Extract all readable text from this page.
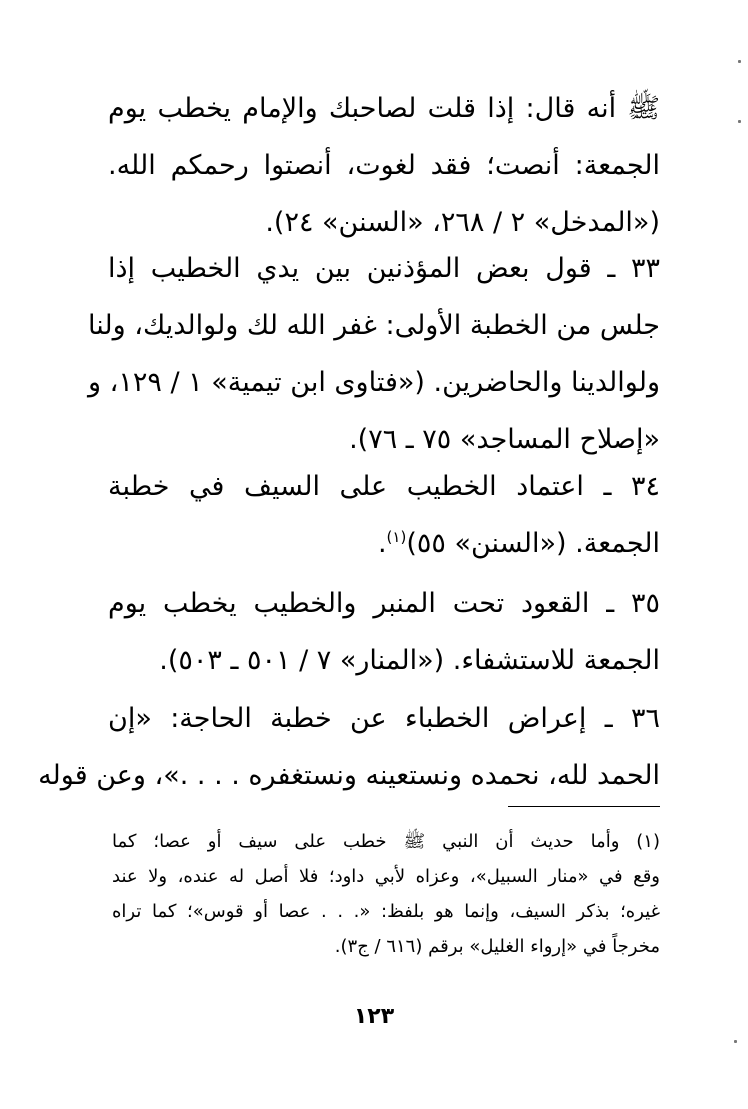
ﷺ أنه قال: إذا قلت لصاحبك والإمام يخطب يوم
الجمعة: أنصت؛ فقد لغوت، أنصتوا رحمكم الله.
(«المدخل» ٢ / ٢٦٨، «السنن» ٢٤).
٣٣ ـ قول بعض المؤذنين بين يدي الخطيب إذا
جلس من الخطبة الأولى: غفر الله لك ولوالديك، ولنا
ولوالدينا والحاضرين. («فتاوى ابن تيمية» ١ / ١٢٩، و
«إصلاح المساجد» ٧٥ ـ ٧٦).
٣٤ ـ اعتماد الخطيب على السيف في خطبة
الجمعة. («السنن» ٥٥)$^{(١)}$.
٣٥ ـ القعود تحت المنبر والخطيب يخطب يوم
الجمعة للاستشفاء. («المنار» ٧ / ٥٠١ ـ ٥٠٣).
٣٦ ـ إعراض الخطباء عن خطبة الحاجة: «إن
الحمد لله، نحمده ونستعينه ونستغفره . . . .»، وعن قوله
(١) وأما حديث أن النبي ﷺ خطب على سيف أو عصا؛ كما
وقع في «منار السبيل»، وعزاه لأبي داود؛ فلا أصل له عنده، ولا عند
غيره؛ بذكر السيف، وإنما هو بلفظ: «. . . عصا أو قوس»؛ كما تراه
مخرجاً في «إرواء الغليل» برقم (٦١٦ / ج٣).
١٢٣
